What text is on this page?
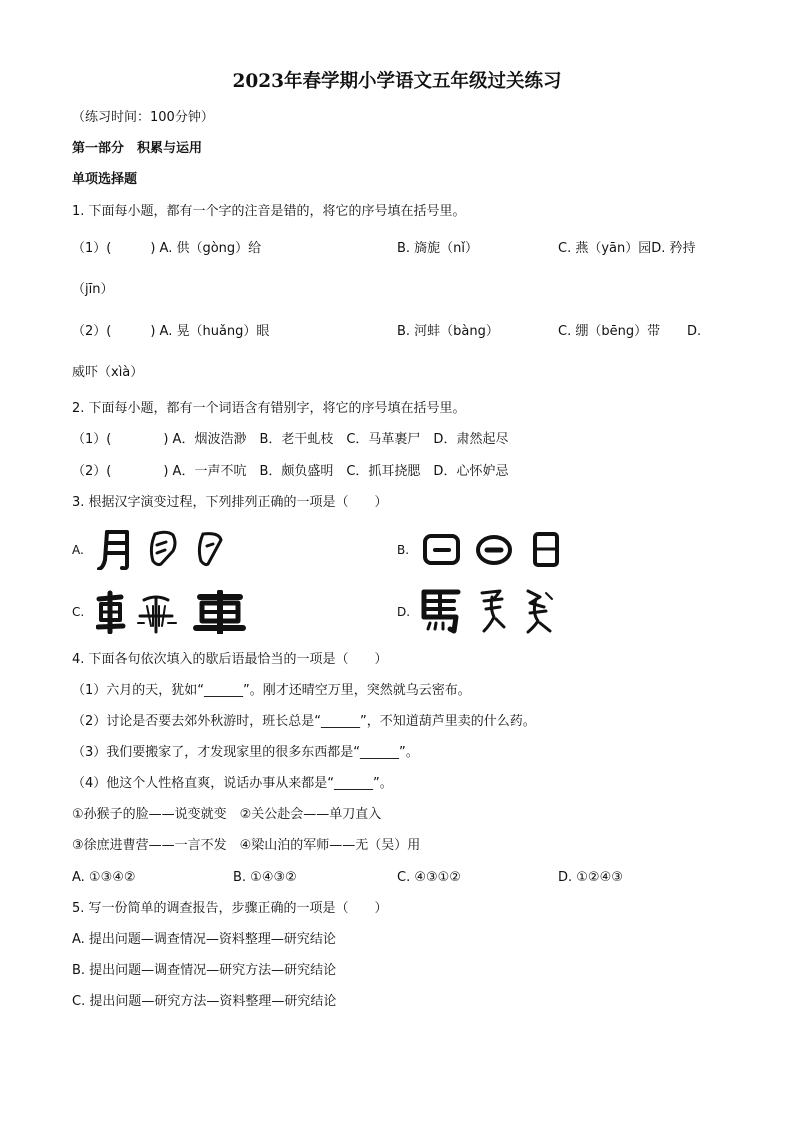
2023年春学期小学语文五年级过关练习
（练习时间：100分钟）
第一部分　积累与运用
单项选择题
1. 下面每小题，都有一个字的注音是错的，将它的序号填在括号里。
（1）(　　　) A. 供（gòng）给	B. 旖旎（nǐ）	C. 燕（yān）园D. 矜持
（jīn）
（2）(　　　) A. 晃（huǎng）眼	B. 河蚌（bàng）	C. 绷（bēng）带 D.
威吓（xìà）
2. 下面每小题，都有一个词语含有错别字，将它的序号填在括号里。
（1）(　　　　) A．烟波浩渺　B．老干虬枝　C．马革裹尸　D．肃然起尽
（2）(　　　　) A．一声不吭　B．颇负盛明　C．抓耳挠腮　D．心怀妒忌
3. 根据汉字演变过程，下列排列正确的一项是（　　）
A.	B.
C.	D.
4. 下面各句依次填入的歇后语最恰当的一项是（　　）
（1）六月的天，犹如“______”。刚才还晴空万里，突然就乌云密布。
（2）讨论是否要去郊外秋游时，班长总是“______”，不知道葫芦里卖的什么药。
（3）我们要搬家了，才发现家里的很多东西都是“______”。
（4）他这个人性格直爽，说话办事从来都是“______”。
①孙猴子的脸——说变就变　②关公赴会——单刀直入
③徐庶进曹营——一言不发　④梁山泊的军师——无（吴）用
A. ①③④②	B. ①④③②	C. ④③①②	D. ①②④③
5. 写一份简单的调查报告，步骤正确的一项是（　　）
A. 提出问题—调查情况—资料整理—研究结论
B. 提出问题—调查情况—研究方法—研究结论
C. 提出问题—研究方法—资料整理—研究结论
